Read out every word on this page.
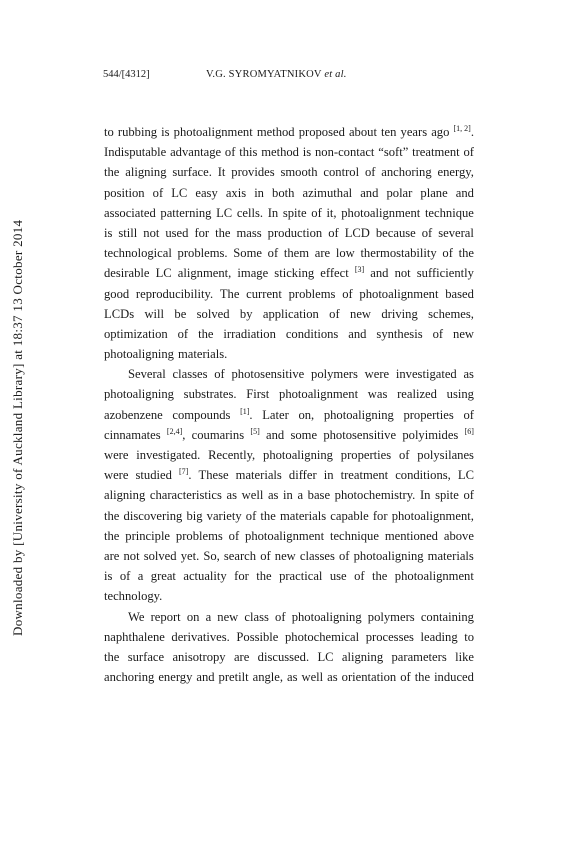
544/[4312]	V.G. SYROMYATNIKOV et al.
Downloaded by [University of Auckland Library] at 18:37 13 October 2014
to rubbing is photoalignment method proposed about ten years ago [1, 2].
Indisputable advantage of this method is non-contact “soft” treatment of
the aligning surface. It provides smooth control of anchoring energy,
position of LC easy axis in both azimuthal and polar plane and
associated patterning LC cells. In spite of it, photoalignment technique
is still not used for the mass production of LCD because of several
technological problems. Some of them are low thermostability of the
desirable LC alignment, image sticking effect [3] and not sufficiently
good reproducibility. The current problems of photoalignment based
LCDs will be solved by application of new driving schemes,
optimization of the irradiation conditions and synthesis of new
photoaligning materials.
Several classes of photosensitive polymers were investigated as
photoaligning substrates. First photoalignment was realized using
azobenzene compounds [1]. Later on, photoaligning properties of
cinnamates [2,4], coumarins [5] and some photosensitive polyimides [6]
were investigated. Recently, photoaligning properties of polysilanes
were studied [7]. These materials differ in treatment conditions, LC
aligning characteristics as well as in a base photochemistry. In spite of
the discovering big variety of the materials capable for photoalignment,
the principle problems of photoalignment technique mentioned above
are not solved yet. So, search of new classes of photoaligning materials
is of a great actuality for the practical use of the photoalignment
technology.
We report on a new class of photoaligning polymers containing
naphthalene derivatives. Possible photochemical processes leading to
the surface anisotropy are discussed. LC aligning parameters like
anchoring energy and pretilt angle, as well as orientation of the induced
